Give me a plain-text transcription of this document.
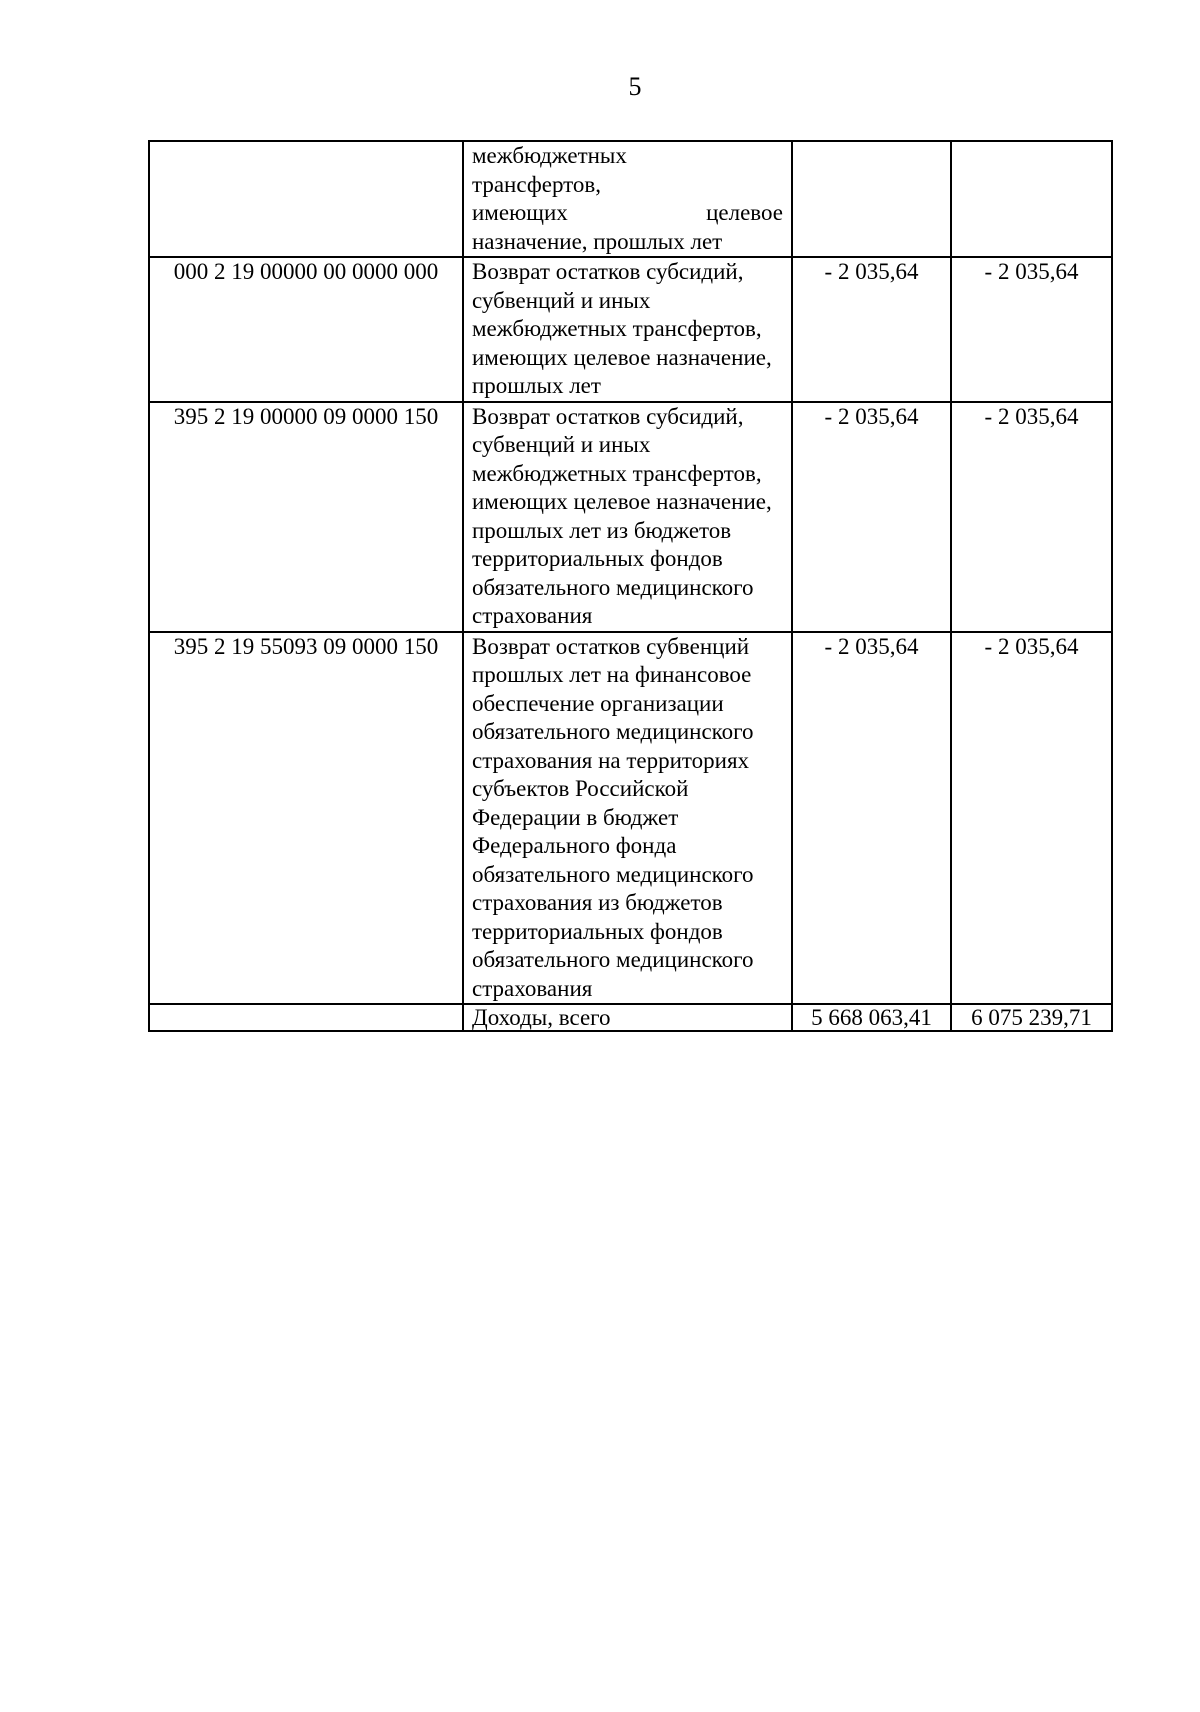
5

	межбюджетных
трансфертов,
имеющих целевое
назначение, прошлых лет		

000 2 19 00000 00 0000 000	Возврат остатков субсидий, субвенций и иных межбюджетных трансфертов, имеющих целевое назначение, прошлых лет	- 2 035,64	- 2 035,64
395 2 19 00000 09 0000 150	Возврат остатков субсидий, субвенций и иных межбюджетных трансфертов, имеющих целевое назначение, прошлых лет из бюджетов территориальных фондов обязательного медицинского страхования	- 2 035,64	- 2 035,64
395 2 19 55093 09 0000 150	Возврат остатков субвенций прошлых лет на финансовое обеспечение организации обязательного медицинского страхования на территориях субъектов Российской Федерации в бюджет Федерального фонда обязательного медицинского страхования из бюджетов территориальных фондов обязательного медицинского страхования	- 2 035,64	- 2 035,64
	Доходы, всего	5 668 063,41	6 075 239,71
